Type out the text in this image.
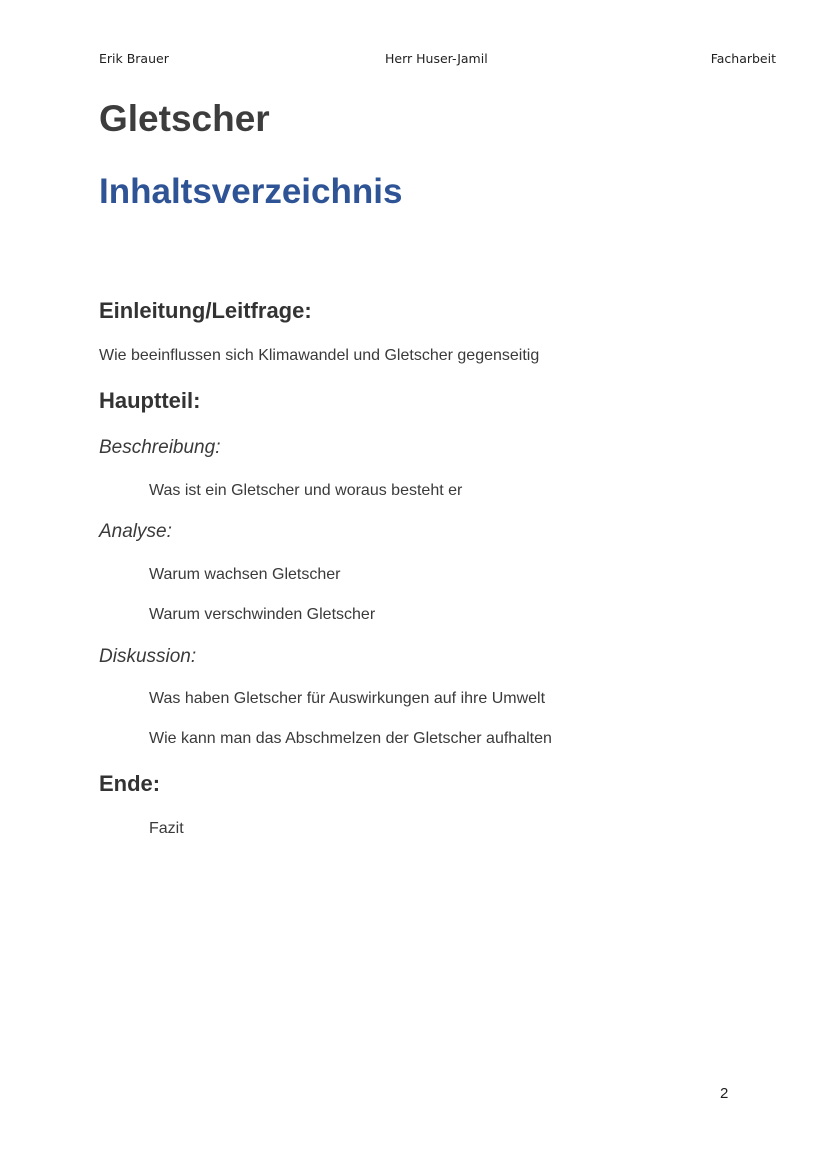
Erik Brauer	Herr Huser-Jamil	Facharbeit
Gletscher
Inhaltsverzeichnis
Einleitung/Leitfrage:
Wie beeinflussen sich Klimawandel und Gletscher gegenseitig
Hauptteil:
Beschreibung:
Was ist ein Gletscher und woraus besteht er
Analyse:
Warum wachsen Gletscher
Warum verschwinden Gletscher
Diskussion:
Was haben Gletscher für Auswirkungen auf ihre Umwelt
Wie kann man das Abschmelzen der Gletscher aufhalten
Ende:
Fazit
2
